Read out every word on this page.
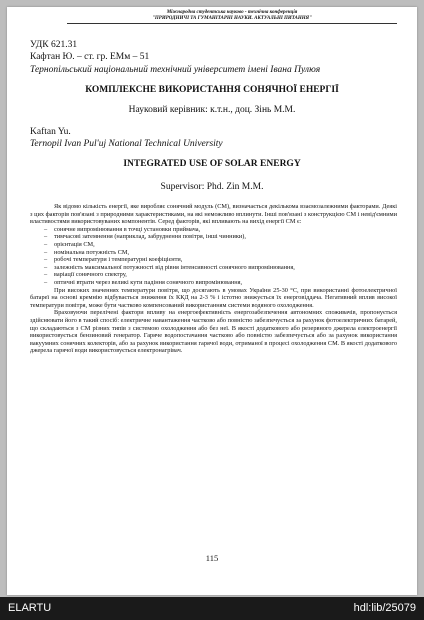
Міжнародна студентська науково - технічна конференція
"ПРИРОДНИЧІ ТА ГУМАНІТАРНІ НАУКИ. АКТУАЛЬНІ ПИТАННЯ"
УДК 621.31
Кафтан Ю. – ст. гр. ЕМм – 51
Тернопільський національний технічний університет імені Івана Пулюя
КОМПЛЕКСНЕ ВИКОРИСТАННЯ СОНЯЧНОЇ ЕНЕРГІЇ
Науковий керівник: к.т.н., доц. Зінь М.М.
Kaftan Yu.
Ternopil Ivan Pul'uj National Technical University
INTEGRATED USE OF SOLAR ENERGY
Supervisor: Phd. Zin M.M.

Як відомо кількість енергії, яке виробляє сонячний модуль (СМ), визначається декількома взаємозалежними факторами. Деякі з цих факторів пов'язані з природними характеристиками, на які неможливо вплинути. Інші пов'язані з конструкцією СМ і невід'ємними властивостями використовуваних компонентів. Серед факторів, які впливають на вихід енергії СМ є:

– сонячне випромінювання в точці установки приймача,
– тимчасові затемнення (наприклад, забруднення повітря, інші чинники),
– орієнтація СМ,
– номінальна потужність СМ,
– робочі температури і температурні коефіцієнти,
– залежність максимальної потужності від рівня інтенсивності сонячного випромінювання,
– варіації сонячного спектру,
– оптичні втрати через великі кути падіння сонячного випромінювання,

При високих значеннях температури повітря, що досягають в умовах України 25-30 °С, при використанні фотоелектричної батареї на основі кремнію відбувається зниження їх ККД на 2-3 % і істотно знижується їх енерговіддача. Негативний вплив високої температури повітря, може бути частково компенсований використанням системи водяного охолодження.

Враховуючи перелічені фактори впливу на енергоефективність енергозабезпечення автономних споживачів, пропонується здійснювати його в такий спосіб: електричне навантаження частково або повністю забезпечується за рахунок фотоелектричних батарей, що складаються з СМ різних типів з системою охолодження або без неї. В якості додаткового або резервного джерела електроенергії використовується бензиновий генератор. Гаряче водопостачання частково або повністю забезпечується або за рахунок використання вакуумних сонячних колекторів, або за рахунок використання гарячої води, отриманої в процесі охолодження СМ. В якості додаткового джерела гарячої води використовується електронагрівач.

115
ELARTU	hdl:lib/25079
